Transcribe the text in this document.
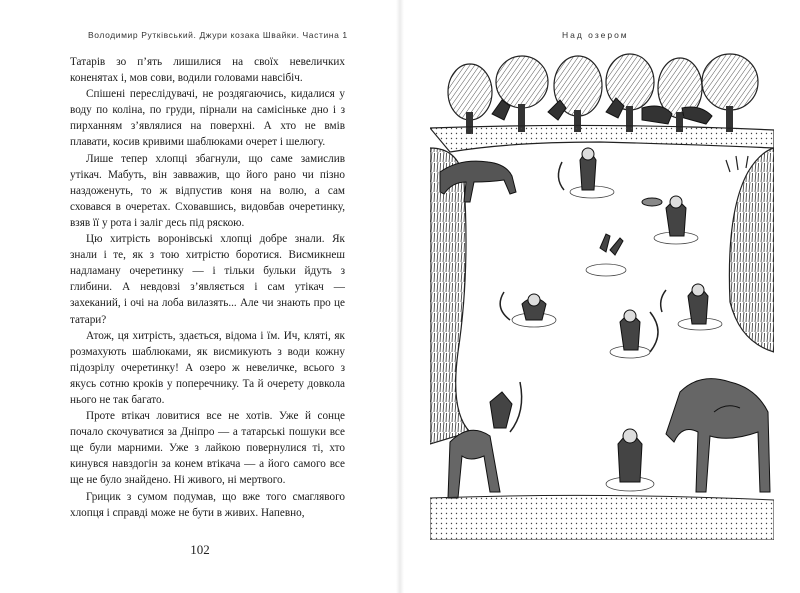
Володимир Рутківський. Джури козака Швайки. Частина 1

Татарів зо п’ять лишилися на своїх невеличких коненятах і, мов сови, водили головами навсібіч.

Спішені переслідувачі, не роздягаючись, кидалися у воду по коліна, по груди, пірнали на самісіньке дно і з пирханням з’являлися на поверхні. А хто не вмів плавати, косив кривими шаблюками очерет і шелюгу.

Лише тепер хлопці збагнули, що саме замислив утікач. Мабуть, він завважив, що його рано чи пізно наздоженуть, то ж відпустив коня на волю, а сам сховався в очеретах. Сховавшись, видовбав очеретинку, взяв її у рота і заліг десь під ряскою.

Цю хитрість воронівські хлопці добре знали. Як знали і те, як з тою хитрістю боротися. Висмикнеш надламану очеретинку — і тільки бульки йдуть з глибини. А невдовзі з’являється і сам утікач — захеканий, і очі на лоба вилазять... Але чи знають про це татари?

Атож, ця хитрість, здається, відома і їм. Ич, кляті, як розмахують шаблюками, як висмикують з води кожну підозрілу очеретинку! А озеро ж невеличке, всього з якусь сотню кроків у поперечнику. Та й очерету довкола нього не так багато.

Проте втікач ловитися все не хотів. Уже й сонце почало скочуватися за Дніпро — а татарські пошуки все ще були марними. Уже з лайкою повернулися ті, хто кинувся навздогін за конем втікача — а його самого все ще не було знайдено. Ні живого, ні мертвого.

Грицик з сумом подумав, що вже того смаглявого хлопця і справді може не бути в живих. Напевно,

102
Над озером
